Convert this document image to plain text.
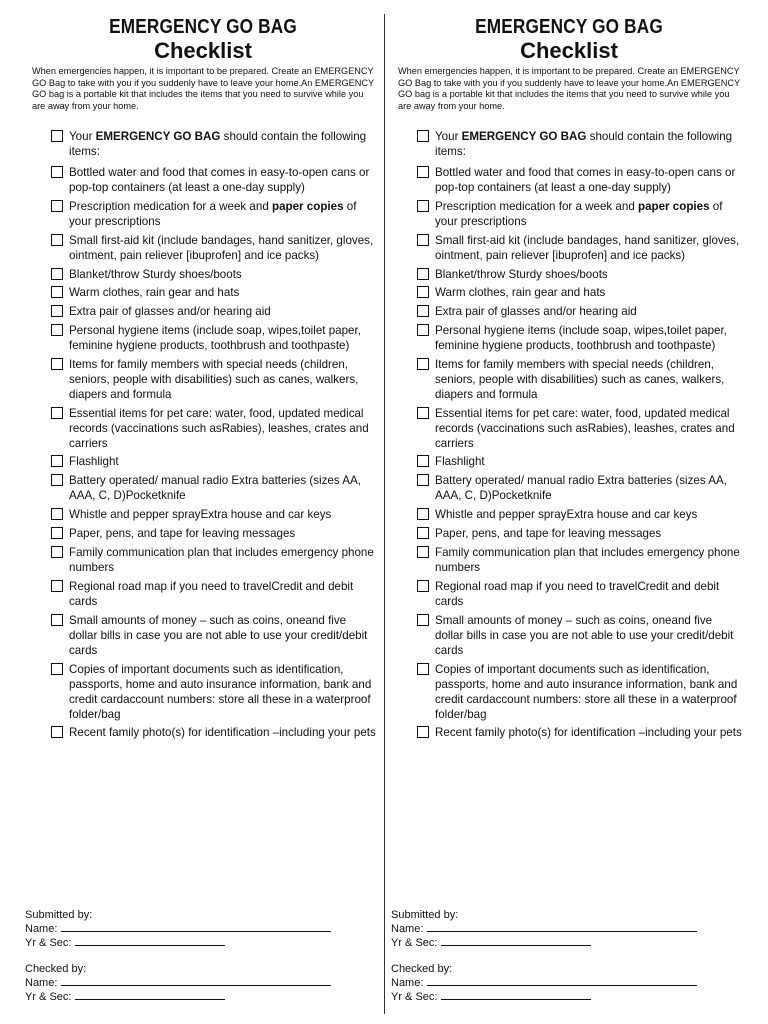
EMERGENCY GO BAG
Checklist
When emergencies happen, it is important to be prepared. Create an EMERGENCY GO Bag to take with you if you suddenly have to leave your home.An EMERGENCY GO bag is a portable kit that includes the items that you need to survive while you are away from your home.
Your EMERGENCY GO BAG should contain the following items:
Bottled water and food that comes in easy-to-open cans or pop-top containers (at least a one-day supply)
Prescription medication for a week and paper copies of your prescriptions
Small first-aid kit (include bandages, hand sanitizer, gloves, ointment, pain reliever [ibuprofen] and ice packs)
Blanket/throw Sturdy shoes/boots
Warm clothes, rain gear and hats
Extra pair of glasses and/or hearing aid
Personal hygiene items (include soap, wipes,toilet paper, feminine hygiene products, toothbrush and toothpaste)
Items for family members with special needs (children, seniors, people with disabilities) such as canes, walkers, diapers and formula
Essential items for pet care: water, food, updated medical records (vaccinations such asRabies), leashes, crates and carriers
Flashlight
Battery operated/ manual radio Extra batteries (sizes AA, AAA, C, D)Pocketknife
Whistle and pepper sprayExtra house and car keys
Paper, pens, and tape for leaving messages
Family communication plan that includes emergency phone numbers
Regional road map if you need to travelCredit and debit cards
Small amounts of money – such as coins, oneand five dollar bills in case you are not able to use your credit/debit cards
Copies of important documents such as identification, passports, home and auto insurance information, bank and credit cardaccount numbers: store all these in a waterproof folder/bag
Recent family photo(s) for identification –including your pets
Submitted by:
Name:
Yr & Sec:
Checked by:
Name:
Yr & Sec:
EMERGENCY GO BAG
Checklist
When emergencies happen, it is important to be prepared. Create an EMERGENCY GO Bag to take with you if you suddenly have to leave your home.An EMERGENCY GO bag is a portable kit that includes the items that you need to survive while you are away from your home.
Your EMERGENCY GO BAG should contain the following items:
Bottled water and food that comes in easy-to-open cans or pop-top containers (at least a one-day supply)
Prescription medication for a week and paper copies of your prescriptions
Small first-aid kit (include bandages, hand sanitizer, gloves, ointment, pain reliever [ibuprofen] and ice packs)
Blanket/throw Sturdy shoes/boots
Warm clothes, rain gear and hats
Extra pair of glasses and/or hearing aid
Personal hygiene items (include soap, wipes,toilet paper, feminine hygiene products, toothbrush and toothpaste)
Items for family members with special needs (children, seniors, people with disabilities) such as canes, walkers, diapers and formula
Essential items for pet care: water, food, updated medical records (vaccinations such asRabies), leashes, crates and carriers
Flashlight
Battery operated/ manual radio Extra batteries (sizes AA, AAA, C, D)Pocketknife
Whistle and pepper sprayExtra house and car keys
Paper, pens, and tape for leaving messages
Family communication plan that includes emergency phone numbers
Regional road map if you need to travelCredit and debit cards
Small amounts of money – such as coins, oneand five dollar bills in case you are not able to use your credit/debit cards
Copies of important documents such as identification, passports, home and auto insurance information, bank and credit cardaccount numbers: store all these in a waterproof folder/bag
Recent family photo(s) for identification –including your pets
Submitted by:
Name:
Yr & Sec:
Checked by:
Name:
Yr & Sec:
